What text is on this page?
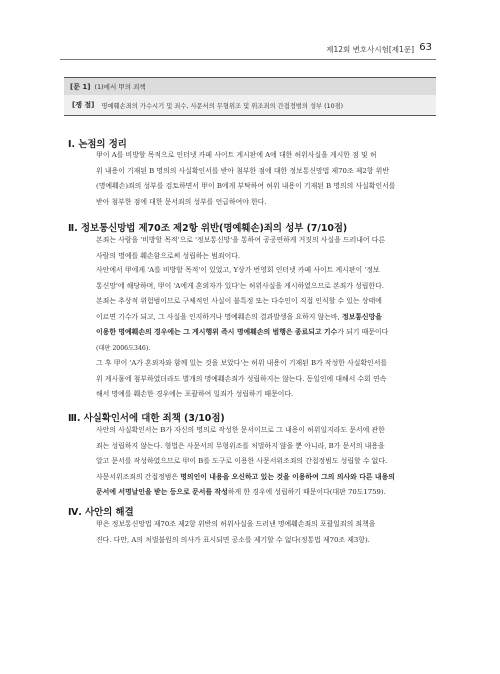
제12회 변호사시험[제1문] 63
[문 1] (1)에서 甲의 죄책
[쟁 점] 명예훼손죄의 가수시기 및 죄수, 사문서의 무형위조 및 위조죄의 간접정범의 성부 (10점)
Ⅰ. 논점의 정리
甲이 A를 비방할 목적으로 인터넷 카페 사이트 게시판에 A에 대한 허위사실을 게시한 점 및 허
위 내용이 기재된 B 명의의 사실확인서를 받아 첨부한 점에 대한 정보통신망법 제70조 제2항 위반
(명예훼손)죄의 성부를 검토하면서 甲이 B에게 부탁하여 허위 내용이 기재된 B 명의의 사실확인서를
받아 첨부한 점에 대한 문서죄의 성부를 언급하여야 한다.
Ⅱ. 정보통신망법 제70조 제2항 위반(명예훼손)죄의 성부 (7/10점)
본죄는 사람을 '비방할 목적'으로 '정보통신망'을 통하여 공공연하게 거짓의 사실을 드러내어 다른
사람의 명예를 훼손함으로써 성립하는 범죄이다.
사안에서 甲에게 'A를 비방할 목적'이 있었고, Y상가 번영회 인터넷 카페 사이트 게시판이 '정보
통신망'에 해당하며, 甲이 'A에게 혼외자가 있다'는 허위사실을 게시하였으므로 본죄가 성립한다.
본죄는 추상적 위험범이므로 구체적인 사실이 불특정 또는 다수인이 직접 인식할 수 있는 상태에
이르면 기수가 되고, 그 사실을 인지하거나 명예훼손의 결과발생을 요하지 않는바, 정보통신망을
이용한 명예훼손의 경우에는 그 게시행위 즉시 명예훼손의 범행은 종료되고 기수가 되기 때문이다
(대판 2006도346).
그 후 甲이 'A가 혼외자와 함께 있는 것을 보았다'는 허위 내용이 기재된 B가 작성한 사실확인서를
위 게시물에 첨부하였더라도 별개의 명예훼손죄가 성립하지는 않는다. 동일인에 대해서 수회 연속
해서 명예를 훼손한 경우에는 포괄하여 일죄가 성립하기 때문이다.
Ⅲ. 사실확인서에 대한 죄책 (3/10점)
사안의 사실확인서는 B가 자신의 명의로 작성한 문서이므로 그 내용이 허위일지라도 문서에 관한
죄는 성립하지 않는다. 형법은 사문서의 무형위조를 처벌하지 않을 뿐 아니라, B가 문서의 내용을
알고 문서를 작성하였으므로 甲이 B를 도구로 이용한 사문서위조죄의 간접정범도 성립할 수 없다.
사문서위조죄의 간접정범은 명의인이 내용을 오신하고 있는 것을 이용하여 그의 의사와 다른 내용의
문서에 서명날인을 받는 등으로 문서를 작성하게 한 경우에 성립하기 때문이다(대판 70도1759).
Ⅳ. 사안의 해결
甲은 정보통신망법 제70조 제2항 위반의 허위사실을 드러낸 명예훼손죄의 포괄일죄의 죄책을
진다. 다만, A의 처벌불원의 의사가 표시되면 공소를 제기할 수 없다(정통법 제70조 제3항).
